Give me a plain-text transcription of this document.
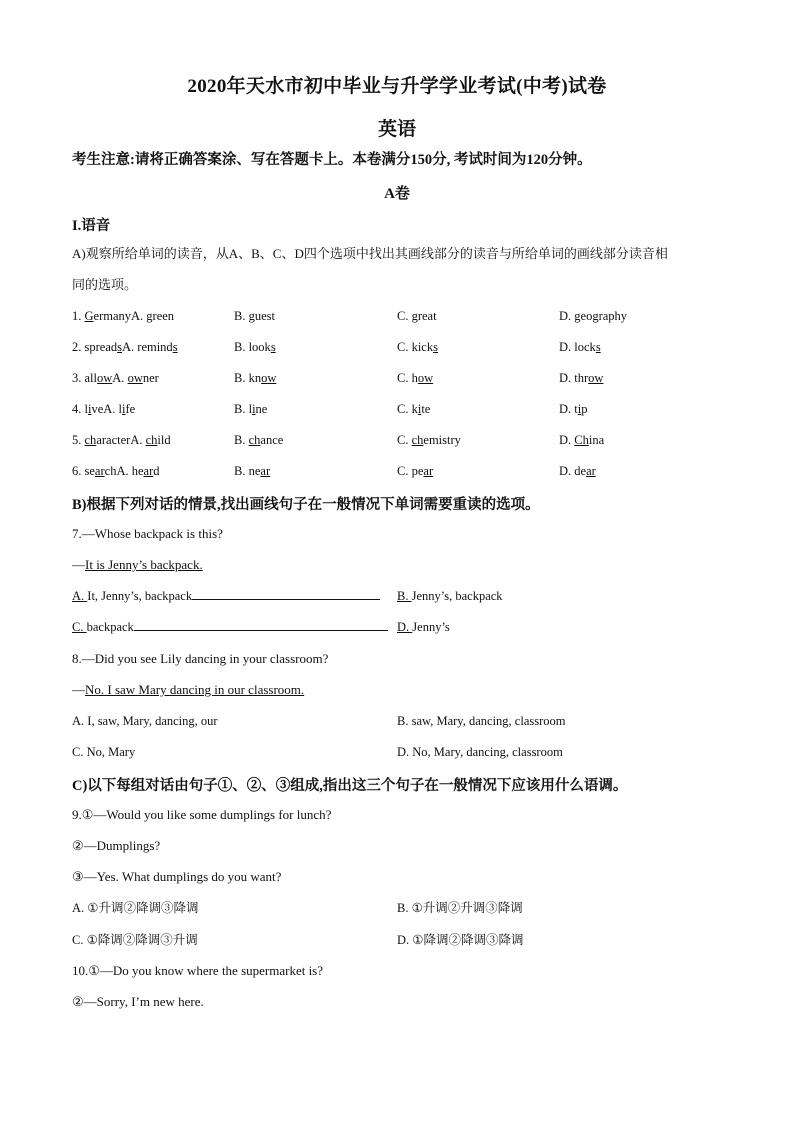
2020年天水市初中毕业与升学学业考试(中考)试卷
英语
考生注意:请将正确答案涂、写在答题卡上。本卷满分150分, 考试时间为120分钟。
A卷
I.语音
A)观察所给单词的读音，从A、B、C、D四个选项中找出其画线部分的读音与所给单词的画线部分读音相
同的选项。
1. GermanyA. green	B. guest	C. great	D. geography
2. spreadsA. reminds	B. looks	C. kicks	D. locks
3. allowA. owner	B. know	C. how	D. throw
4. liveA. life	B. line	C. kite	D. tip
5. characterA. child	B. chance	C. chemistry	D. China
6. searchA. heard	B. near	C. pear	D. dear
B)根据下列对话的情景,找出画线句子在一般情况下单词需要重读的选项。
7.—Whose backpack is this?
—It is Jenny’s backpack.
A. It, Jenny’s, backpack	B. Jenny’s, backpack
C. backpack	D. Jenny’s
8.—Did you see Lily dancing in your classroom?
—No. I saw Mary dancing in our classroom.
A. I, saw, Mary, dancing, our	B. saw, Mary, dancing, classroom
C. No, Mary	D. No, Mary, dancing, classroom
C)以下每组对话由句子①、②、③组成,指出这三个句子在一般情况下应该用什么语调。
9.①—Would you like some dumplings for lunch?
②—Dumplings?
③—Yes. What dumplings do you want?
A. ①升调②降调③降调	B. ①升调②升调③降调
C. ①降调②降调③升调	D. ①降调②降调③降调
10.①—Do you know where the supermarket is?
②—Sorry, I’m new here.
